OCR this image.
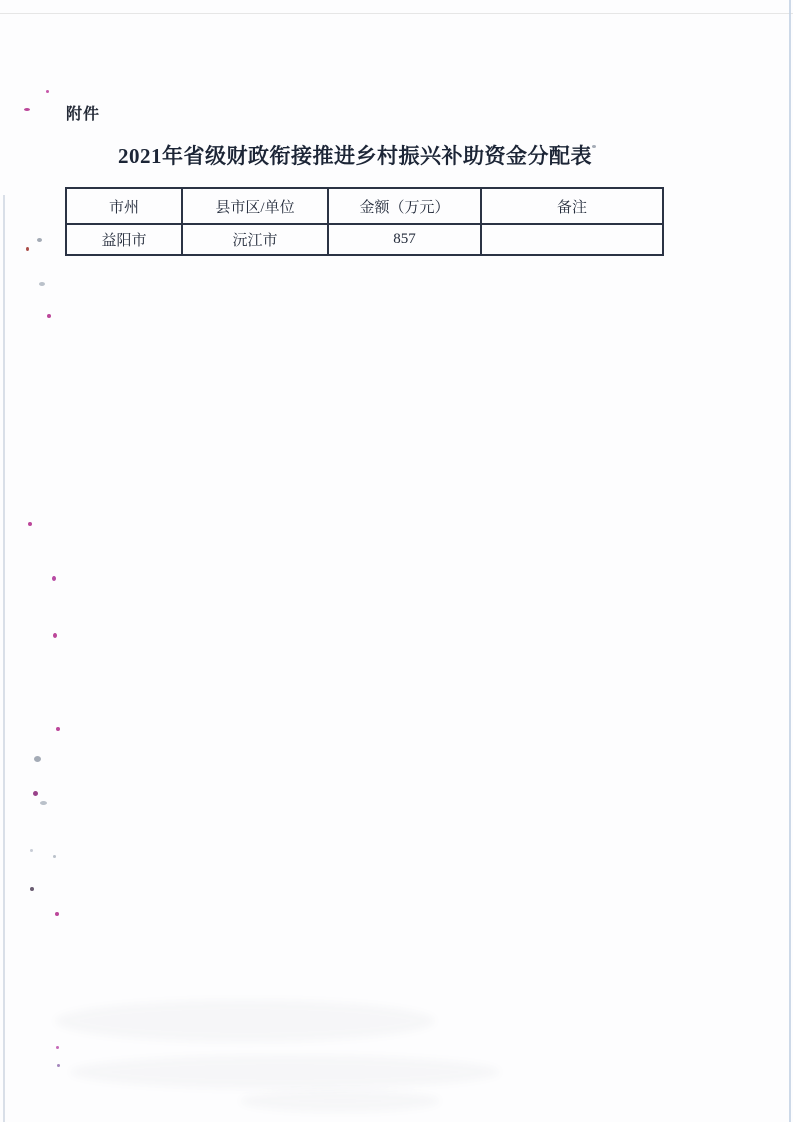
附件
2021年省级财政衔接推进乡村振兴补助资金分配表
市州	县市区/单位	金额（万元）	备注
益阳市	沅江市	857	
